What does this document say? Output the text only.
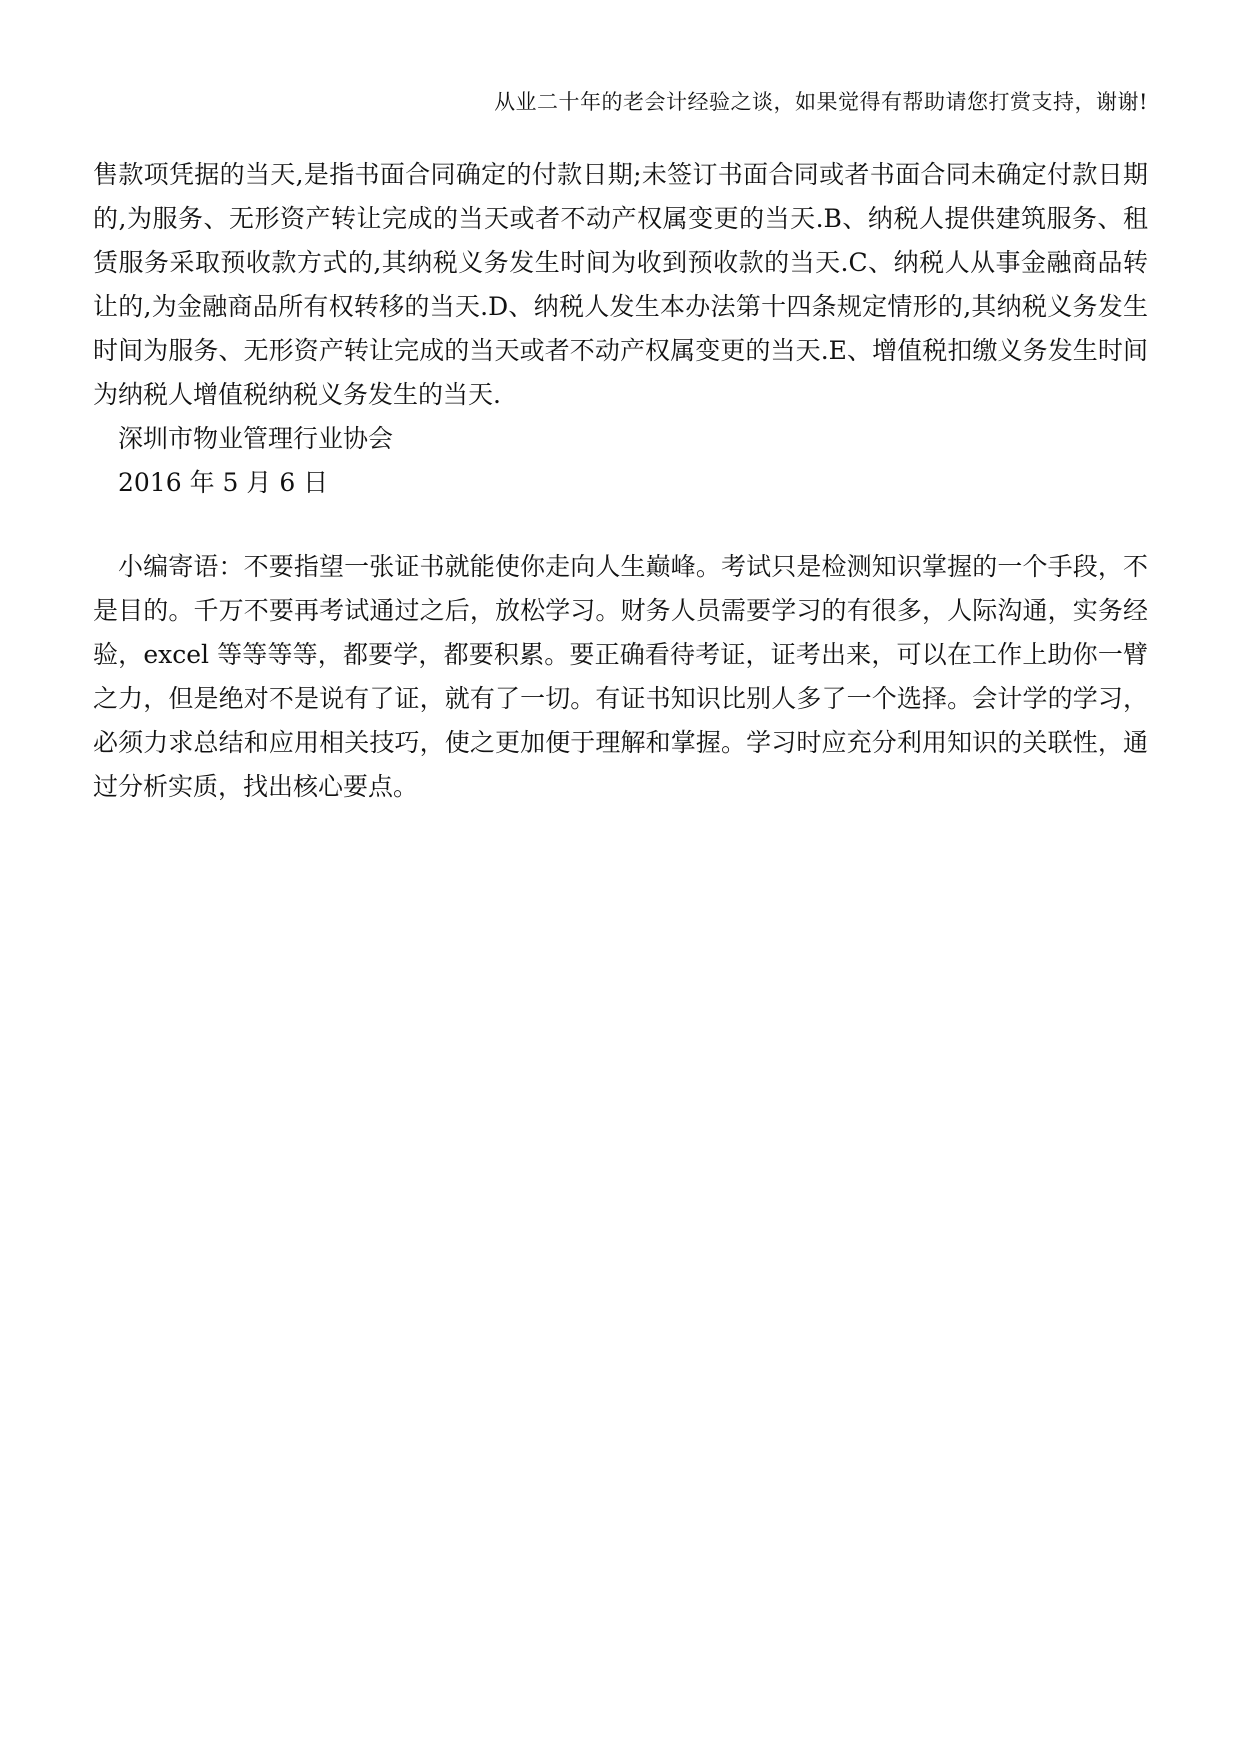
从业二十年的老会计经验之谈，如果觉得有帮助请您打赏支持，谢谢!

售款项凭据的当天,是指书面合同确定的付款日期;未签订书面合同或者书面合同未确定付款日期的,为服务、无形资产转让完成的当天或者不动产权属变更的当天.B、纳税人提供建筑服务、租赁服务采取预收款方式的,其纳税义务发生时间为收到预收款的当天.C、纳税人从事金融商品转让的,为金融商品所有权转移的当天.D、纳税人发生本办法第十四条规定情形的,其纳税义务发生时间为服务、无形资产转让完成的当天或者不动产权属变更的当天.E、增值税扣缴义务发生时间为纳税人增值税纳税义务发生的当天.

深圳市物业管理行业协会

2016 年 5 月 6 日

小编寄语：不要指望一张证书就能使你走向人生巅峰。考试只是检测知识掌握的一个手段，不是目的。千万不要再考试通过之后，放松学习。财务人员需要学习的有很多，人际沟通，实务经验，excel 等等等等，都要学，都要积累。要正确看待考证，证考出来，可以在工作上助你一臂之力，但是绝对不是说有了证，就有了一切。有证书知识比别人多了一个选择。会计学的学习，必须力求总结和应用相关技巧，使之更加便于理解和掌握。学习时应充分利用知识的关联性，通过分析实质，找出核心要点。
